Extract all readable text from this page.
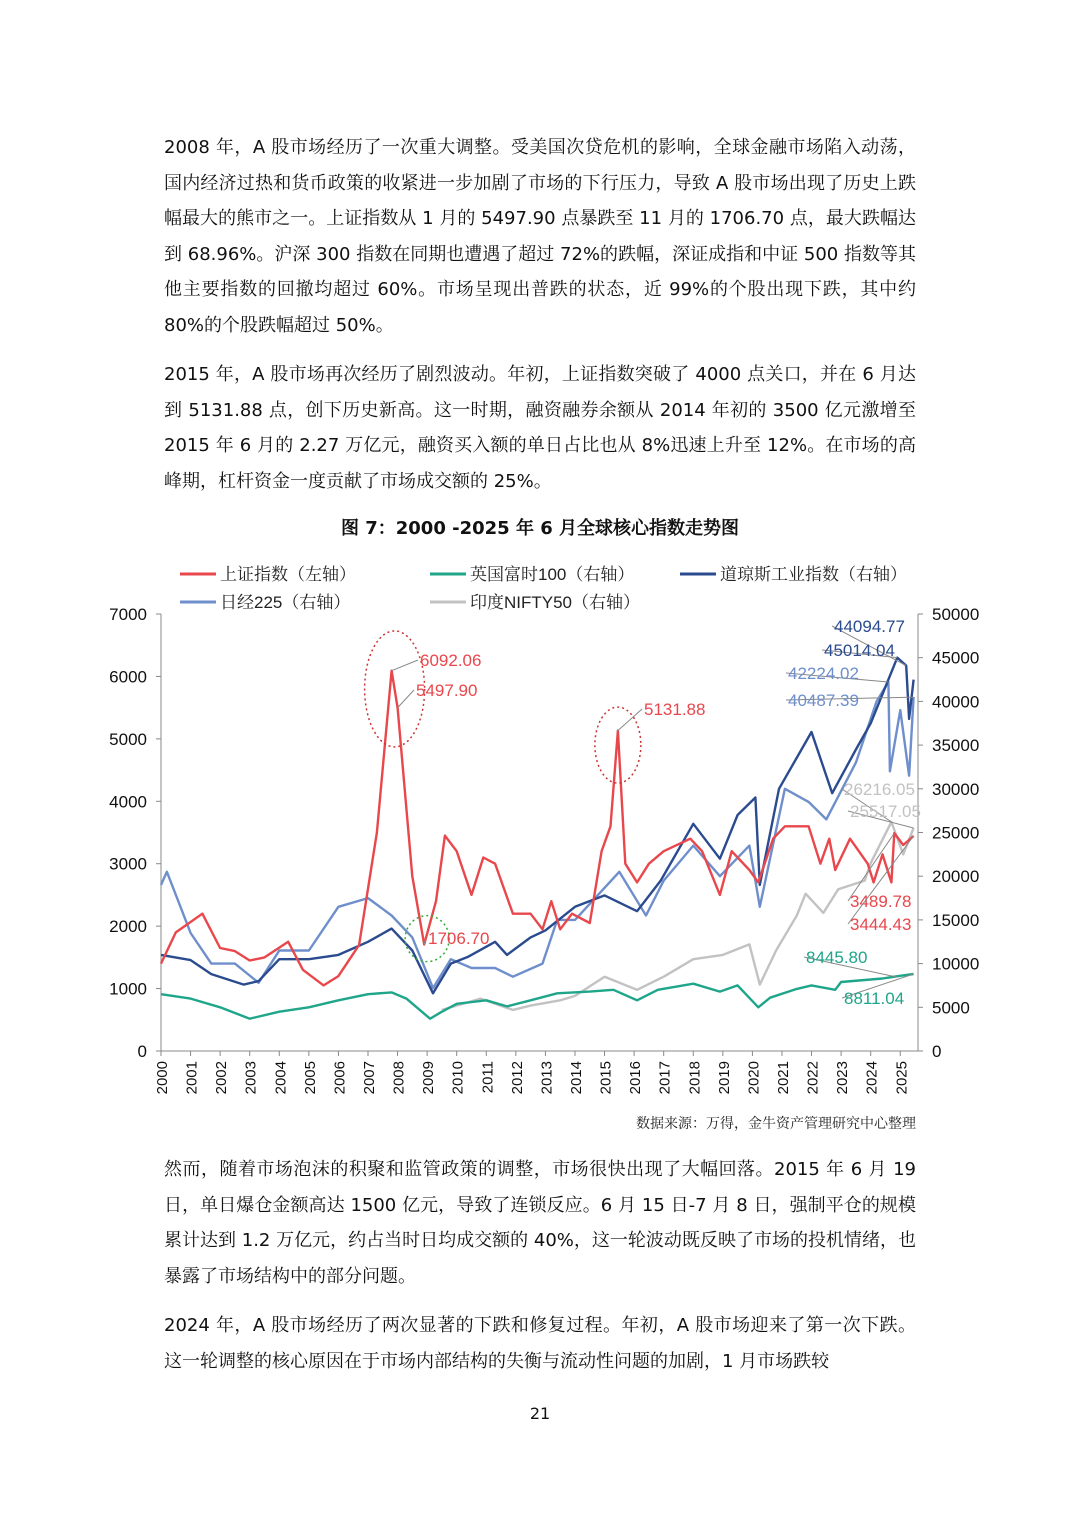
2008 年，A 股市场经历了一次重大调整。受美国次贷危机的影响，全球金融市场陷入动荡，国内经济过热和货币政策的收紧进一步加剧了市场的下行压力，导致 A 股市场出现了历史上跌幅最大的熊市之一。上证指数从 1 月的 5497.90 点暴跌至 11 月的 1706.70 点，最大跌幅达到 68.96%。沪深 300 指数在同期也遭遇了超过 72%的跌幅，深证成指和中证 500 指数等其他主要指数的回撤均超过 60%。市场呈现出普跌的状态，近 99%的个股出现下跌，其中约 80%的个股跌幅超过 50%。

2015 年，A 股市场再次经历了剧烈波动。年初，上证指数突破了 4000 点关口，并在 6 月达到 5131.88 点，创下历史新高。这一时期，融资融券余额从 2014 年初的 3500 亿元激增至 2015 年 6 月的 2.27 万亿元，融资买入额的单日占比也从 8%迅速上升至 12%。在市场的高峰期，杠杆资金一度贡献了市场成交额的 25%。

图 7：2000 -2025 年 6 月全球核心指数走势图
上证指数（左轴）	英国富时100（右轴）	道琼斯工业指数（右轴）
日经225（右轴）	印度NIFTY50（右轴）
0
1000
2000
3000
4000
5000
6000
7000
0
5000
10000
15000
20000
25000
30000
35000
40000
45000
50000
2000 2001 2002 2003 2004 2005 2006 2007 2008 2009 2010 2011 2012 2013 2014 2015 2016 2017 2018 2019 2020 2021 2022 2023 2024 2025
6092.06
5497.90
5131.88
1706.70
3489.78
3444.43
44094.77
45014.04
42224.02
40487.39
26216.05
25517.05
8445.80
8811.04
数据来源：万得，金牛资产管理研究中心整理

然而，随着市场泡沫的积聚和监管政策的调整，市场很快出现了大幅回落。2015 年 6 月 19 日，单日爆仓金额高达 1500 亿元，导致了连锁反应。6 月 15 日-7 月 8 日，强制平仓的规模累计达到 1.2 万亿元，约占当时日均成交额的 40%，这一轮波动既反映了市场的投机情绪，也暴露了市场结构中的部分问题。

2024 年，A 股市场经历了两次显著的下跌和修复过程。年初，A 股市场迎来了第一次下跌。这一轮调整的核心原因在于市场内部结构的失衡与流动性问题的加剧，1 月市场跌较

21
